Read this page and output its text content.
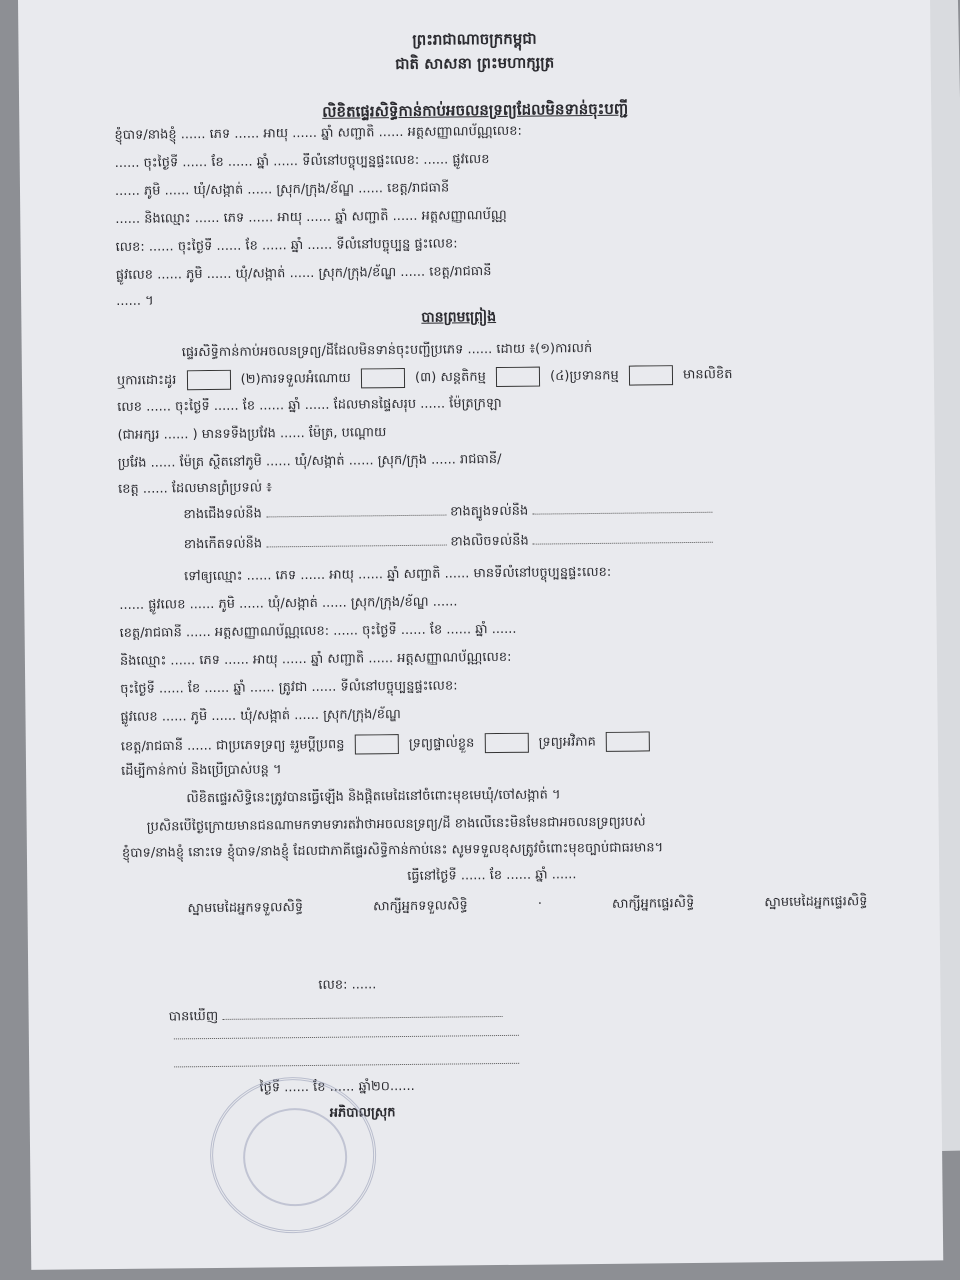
ព្រះរាជាណាចក្រកម្ពុជា
ជាតិ សាសនា ព្រះមហាក្សត្រ
លិខិតផ្ទេរសិទ្ធិកាន់កាប់អចលនទ្រព្យដែលមិនទាន់ចុះបញ្ជី
ខ្ញុំបាទ/នាងខ្ញុំ ...... ភេទ ...... អាយុ ...... ឆ្នាំ សញ្ជាតិ ...... អត្តសញ្ញាណប័ណ្ណលេខ:
...... ចុះថ្ងៃទី ...... ខែ ...... ឆ្នាំ ...... ទីលំនៅបច្ចុប្បន្នផ្ទះលេខ: ...... ផ្លូវលេខ
...... ភូមិ ...... ឃុំ/សង្កាត់ ...... ស្រុក/ក្រុង/ខ័ណ្ឌ ...... ខេត្ត/រាជធានី
...... និងឈ្មោះ ...... ភេទ ...... អាយុ ...... ឆ្នាំ សញ្ជាតិ ...... អត្តសញ្ញាណប័ណ្ណ
លេខ: ...... ចុះថ្ងៃទី ...... ខែ ...... ឆ្នាំ ...... ទីលំនៅបច្ចុប្បន្ន ផ្ទះលេខ:
ផ្លូវលេខ ...... ភូមិ ...... ឃុំ/សង្កាត់ ...... ស្រុក/ក្រុង/ខ័ណ្ឌ ...... ខេត្ត/រាជធានី
...... ។
បានព្រមព្រៀង
ផ្ទេរសិទ្ធិកាន់កាប់អចលនទ្រព្យ/ដីដែលមិនទាន់ចុះបញ្ជីប្រភេទ ...... ដោយ ៖(១)ការលក់
ឬការដោះដូរ	(២)ការទទួលអំណោយ	(៣) សន្តតិកម្ម	(៤)ប្រទានកម្ម	មានលិខិត
លេខ ...... ចុះថ្ងៃទី ...... ខែ ...... ឆ្នាំ ...... ដែលមានផ្ទៃសរុប ...... ម៉ែត្រក្រឡា
(ជាអក្សរ ...... ) មានទទឹងប្រវែង ...... ម៉ែត្រ, បណ្តោយ
ប្រវែង ...... ម៉ែត្រ ស្ថិតនៅភូមិ ...... ឃុំ/សង្កាត់ ...... ស្រុក/ក្រុង ...... រាជធានី/
ខេត្ត ...... ដែលមានព្រំប្រទល់ ៖
ខាងជើងទល់នឹង	ខាងត្បូងទល់នឹង
ខាងកើតទល់នឹង	ខាងលិចទល់នឹង
ទៅឲ្យឈ្មោះ ...... ភេទ ...... អាយុ ...... ឆ្នាំ សញ្ជាតិ ...... មានទីលំនៅបច្ចុប្បន្នផ្ទះលេខ:
...... ផ្លូវលេខ ...... ភូមិ ...... ឃុំ/សង្កាត់ ...... ស្រុក/ក្រុង/ខ័ណ្ឌ ......
ខេត្ត/រាជធានី ...... អត្តសញ្ញាណប័ណ្ណលេខ: ...... ចុះថ្ងៃទី ...... ខែ ...... ឆ្នាំ ......
និងឈ្មោះ ...... ភេទ ...... អាយុ ...... ឆ្នាំ សញ្ជាតិ ...... អត្តសញ្ញាណប័ណ្ណលេខ:
ចុះថ្ងៃទី ...... ខែ ...... ឆ្នាំ ...... ត្រូវជា ...... ទីលំនៅបច្ចុប្បន្នផ្ទះលេខ:
ផ្លូវលេខ ...... ភូមិ ...... ឃុំ/សង្កាត់ ...... ស្រុក/ក្រុង/ខ័ណ្ឌ
ខេត្ត/រាជធានី ...... ជាប្រភេទទ្រព្យ ៖រួមប្តីប្រពន្ធ	ទ្រព្យផ្ទាល់ខ្លួន	ទ្រព្យអវិភាគ
ដើម្បីកាន់កាប់ និងប្រើប្រាស់បន្ត ។
លិខិតផ្ទេរសិទ្ធិនេះត្រូវបានធ្វើឡើង និងផ្តិតមេដៃនៅចំពោះមុខមេឃុំ/ចៅសង្កាត់ ។
ប្រសិនបើថ្ងៃក្រោយមានជនណាមកទាមទារតវ៉ាថាអចលនទ្រព្យ/ដី ខាងលើនេះមិនមែនជាអចលនទ្រព្យរបស់
ខ្ញុំបាទ/នាងខ្ញុំ នោះទេ ខ្ញុំបាទ/នាងខ្ញុំ ដែលជាភាគីផ្ទេរសិទ្ធិកាន់កាប់នេះ សូមទទួលខុសត្រូវចំពោះមុខច្បាប់ជាធរមាន។
ធ្វើនៅថ្ងៃទី ...... ខែ ...... ឆ្នាំ ......
ស្នាមមេដៃអ្នកទទួលសិទ្ធិ	សាក្សីអ្នកទទួលសិទ្ធិ	·	សាក្សីអ្នកផ្ទេរសិទ្ធិ	ស្នាមមេដៃអ្នកផ្ទេរសិទ្ធិ
លេខ: ......
បានឃើញ
ថ្ងៃទី ...... ខែ ...... ឆ្នាំ២០......
អភិបាលស្រុក
